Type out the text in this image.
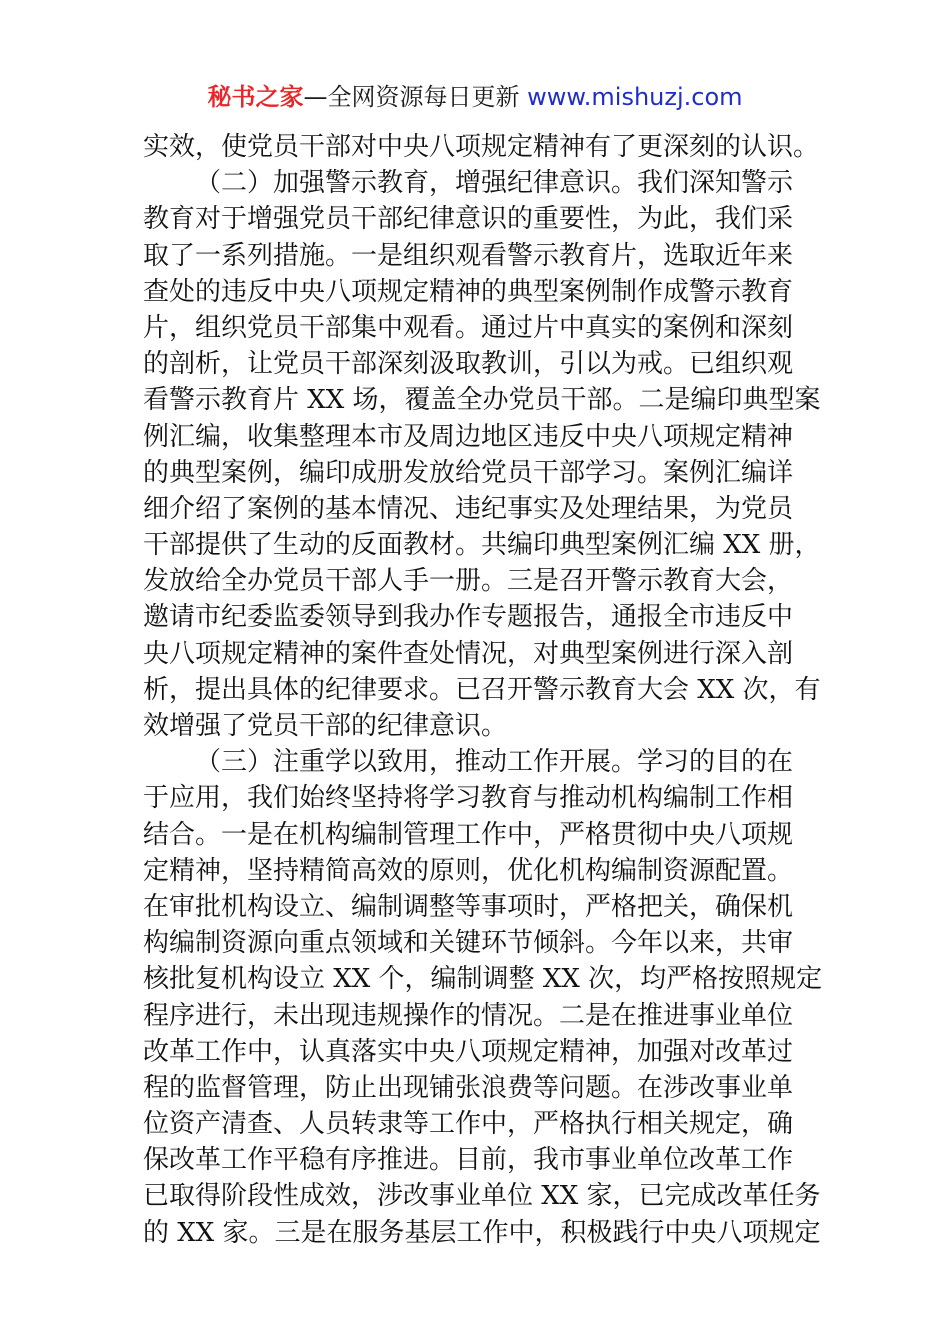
秘书之家—全网资源每日更新 www.mishuzj.com
实效，使党员干部对中央八项规定精神有了更深刻的认识。
（二）加强警示教育，增强纪律意识。我们深知警示
教育对于增强党员干部纪律意识的重要性，为此，我们采
取了一系列措施。一是组织观看警示教育片，选取近年来
查处的违反中央八项规定精神的典型案例制作成警示教育
片，组织党员干部集中观看。通过片中真实的案例和深刻
的剖析，让党员干部深刻汲取教训，引以为戒。已组织观
看警示教育片 XX 场，覆盖全办党员干部。二是编印典型案
例汇编，收集整理本市及周边地区违反中央八项规定精神
的典型案例，编印成册发放给党员干部学习。案例汇编详
细介绍了案例的基本情况、违纪事实及处理结果，为党员
干部提供了生动的反面教材。共编印典型案例汇编 XX 册，
发放给全办党员干部人手一册。三是召开警示教育大会，
邀请市纪委监委领导到我办作专题报告，通报全市违反中
央八项规定精神的案件查处情况，对典型案例进行深入剖
析，提出具体的纪律要求。已召开警示教育大会 XX 次，有
效增强了党员干部的纪律意识。
（三）注重学以致用，推动工作开展。学习的目的在
于应用，我们始终坚持将学习教育与推动机构编制工作相
结合。一是在机构编制管理工作中，严格贯彻中央八项规
定精神，坚持精简高效的原则，优化机构编制资源配置。
在审批机构设立、编制调整等事项时，严格把关，确保机
构编制资源向重点领域和关键环节倾斜。今年以来，共审
核批复机构设立 XX 个，编制调整 XX 次，均严格按照规定
程序进行，未出现违规操作的情况。二是在推进事业单位
改革工作中，认真落实中央八项规定精神，加强对改革过
程的监督管理，防止出现铺张浪费等问题。在涉改事业单
位资产清查、人员转隶等工作中，严格执行相关规定，确
保改革工作平稳有序推进。目前，我市事业单位改革工作
已取得阶段性成效，涉改事业单位 XX 家，已完成改革任务
的 XX 家。三是在服务基层工作中，积极践行中央八项规定
